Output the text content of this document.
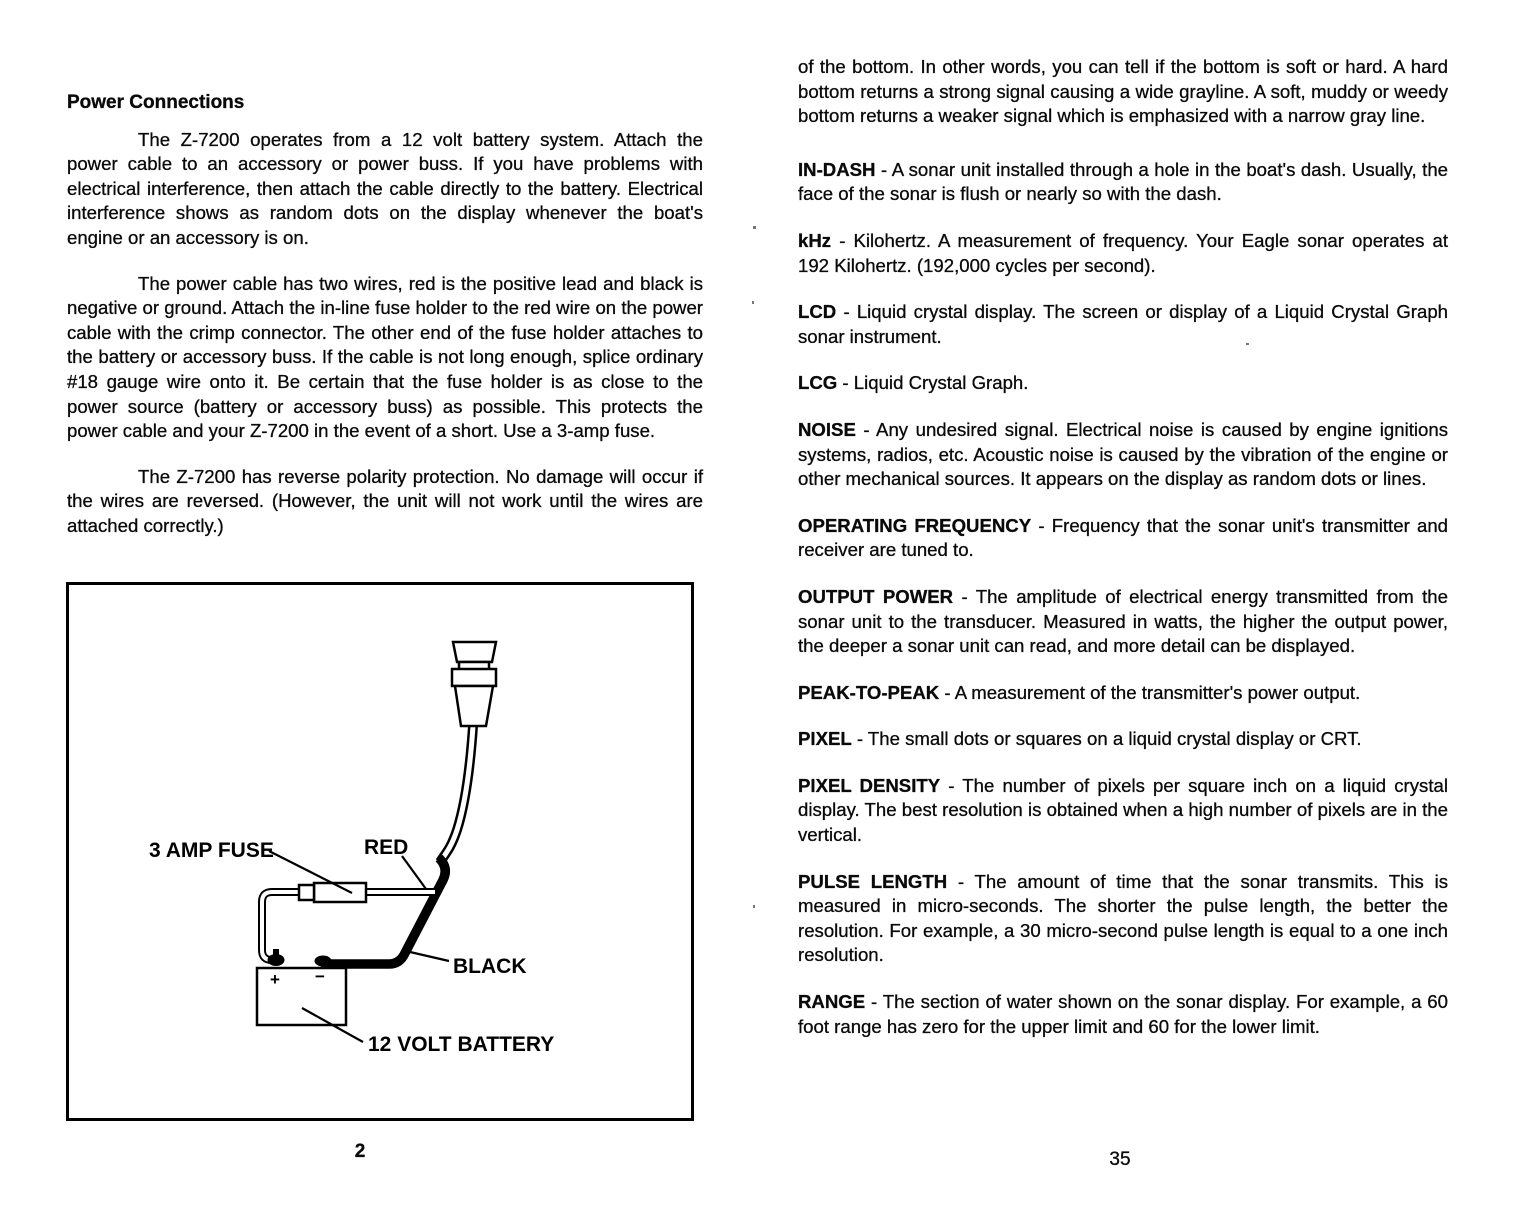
Power Connections

The Z-7200 operates from a 12 volt battery system. Attach the power cable to an accessory or power buss. If you have problems with electrical interference, then attach the cable directly to the battery. Electrical interference shows as random dots on the display whenever the boat's engine or an accessory is on.

The power cable has two wires, red is the positive lead and black is negative or ground. Attach the in-line fuse holder to the red wire on the power cable with the crimp connector. The other end of the fuse holder attaches to the battery or accessory buss. If the cable is not long enough, splice ordinary #18 gauge wire onto it. Be certain that the fuse holder is as close to the power source (battery or accessory buss) as possible. This protects the power cable and your Z-7200 in the event of a short. Use a 3-amp fuse.

The Z-7200 has reverse polarity protection. No damage will occur if the wires are reversed. (However, the unit will not work until the wires are attached correctly.)

+ −
3 AMP FUSE	RED
BLACK
12 VOLT BATTERY

of the bottom. In other words, you can tell if the bottom is soft or hard. A hard bottom returns a strong signal causing a wide grayline. A soft, muddy or weedy bottom returns a weaker signal which is emphasized with a narrow gray line.

IN-DASH - A sonar unit installed through a hole in the boat's dash. Usually, the face of the sonar is flush or nearly so with the dash.

kHz - Kilohertz. A measurement of frequency. Your Eagle sonar operates at 192 Kilohertz. (192,000 cycles per second).

LCD - Liquid crystal display. The screen or display of a Liquid Crystal Graph sonar instrument.

LCG - Liquid Crystal Graph.

NOISE - Any undesired signal. Electrical noise is caused by engine ignitions systems, radios, etc. Acoustic noise is caused by the vibration of the engine or other mechanical sources. It appears on the display as random dots or lines.

OPERATING FREQUENCY - Frequency that the sonar unit's transmitter and receiver are tuned to.

OUTPUT POWER - The amplitude of electrical energy transmitted from the sonar unit to the transducer. Measured in watts, the higher the output power, the deeper a sonar unit can read, and more detail can be displayed.

PEAK-TO-PEAK - A measurement of the transmitter's power output.

PIXEL - The small dots or squares on a liquid crystal display or CRT.

PIXEL DENSITY - The number of pixels per square inch on a liquid crystal display. The best resolution is obtained when a high number of pixels are in the vertical.

PULSE LENGTH - The amount of time that the sonar transmits. This is measured in micro-seconds. The shorter the pulse length, the better the resolution. For example, a 30 micro-second pulse length is equal to a one inch resolution.

RANGE - The section of water shown on the sonar display. For example, a 60 foot range has zero for the upper limit and 60 for the lower limit.

2	35
